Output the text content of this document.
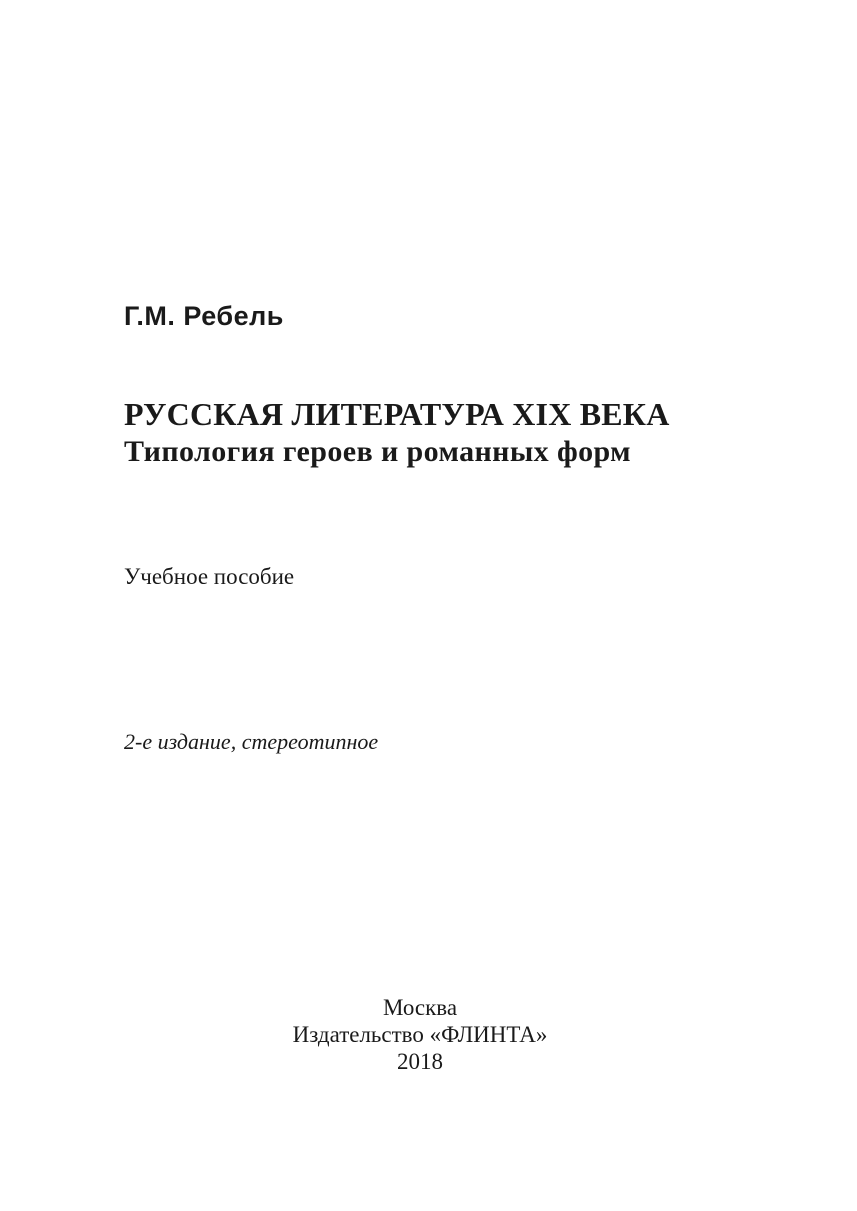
Г.М. Ребель
РУССКАЯ ЛИТЕРАТУРА XIX ВЕКА
Типология героев и романных форм
Учебное пособие
2-е издание, стереотипное
Москва
Издательство «ФЛИНТА»
2018
